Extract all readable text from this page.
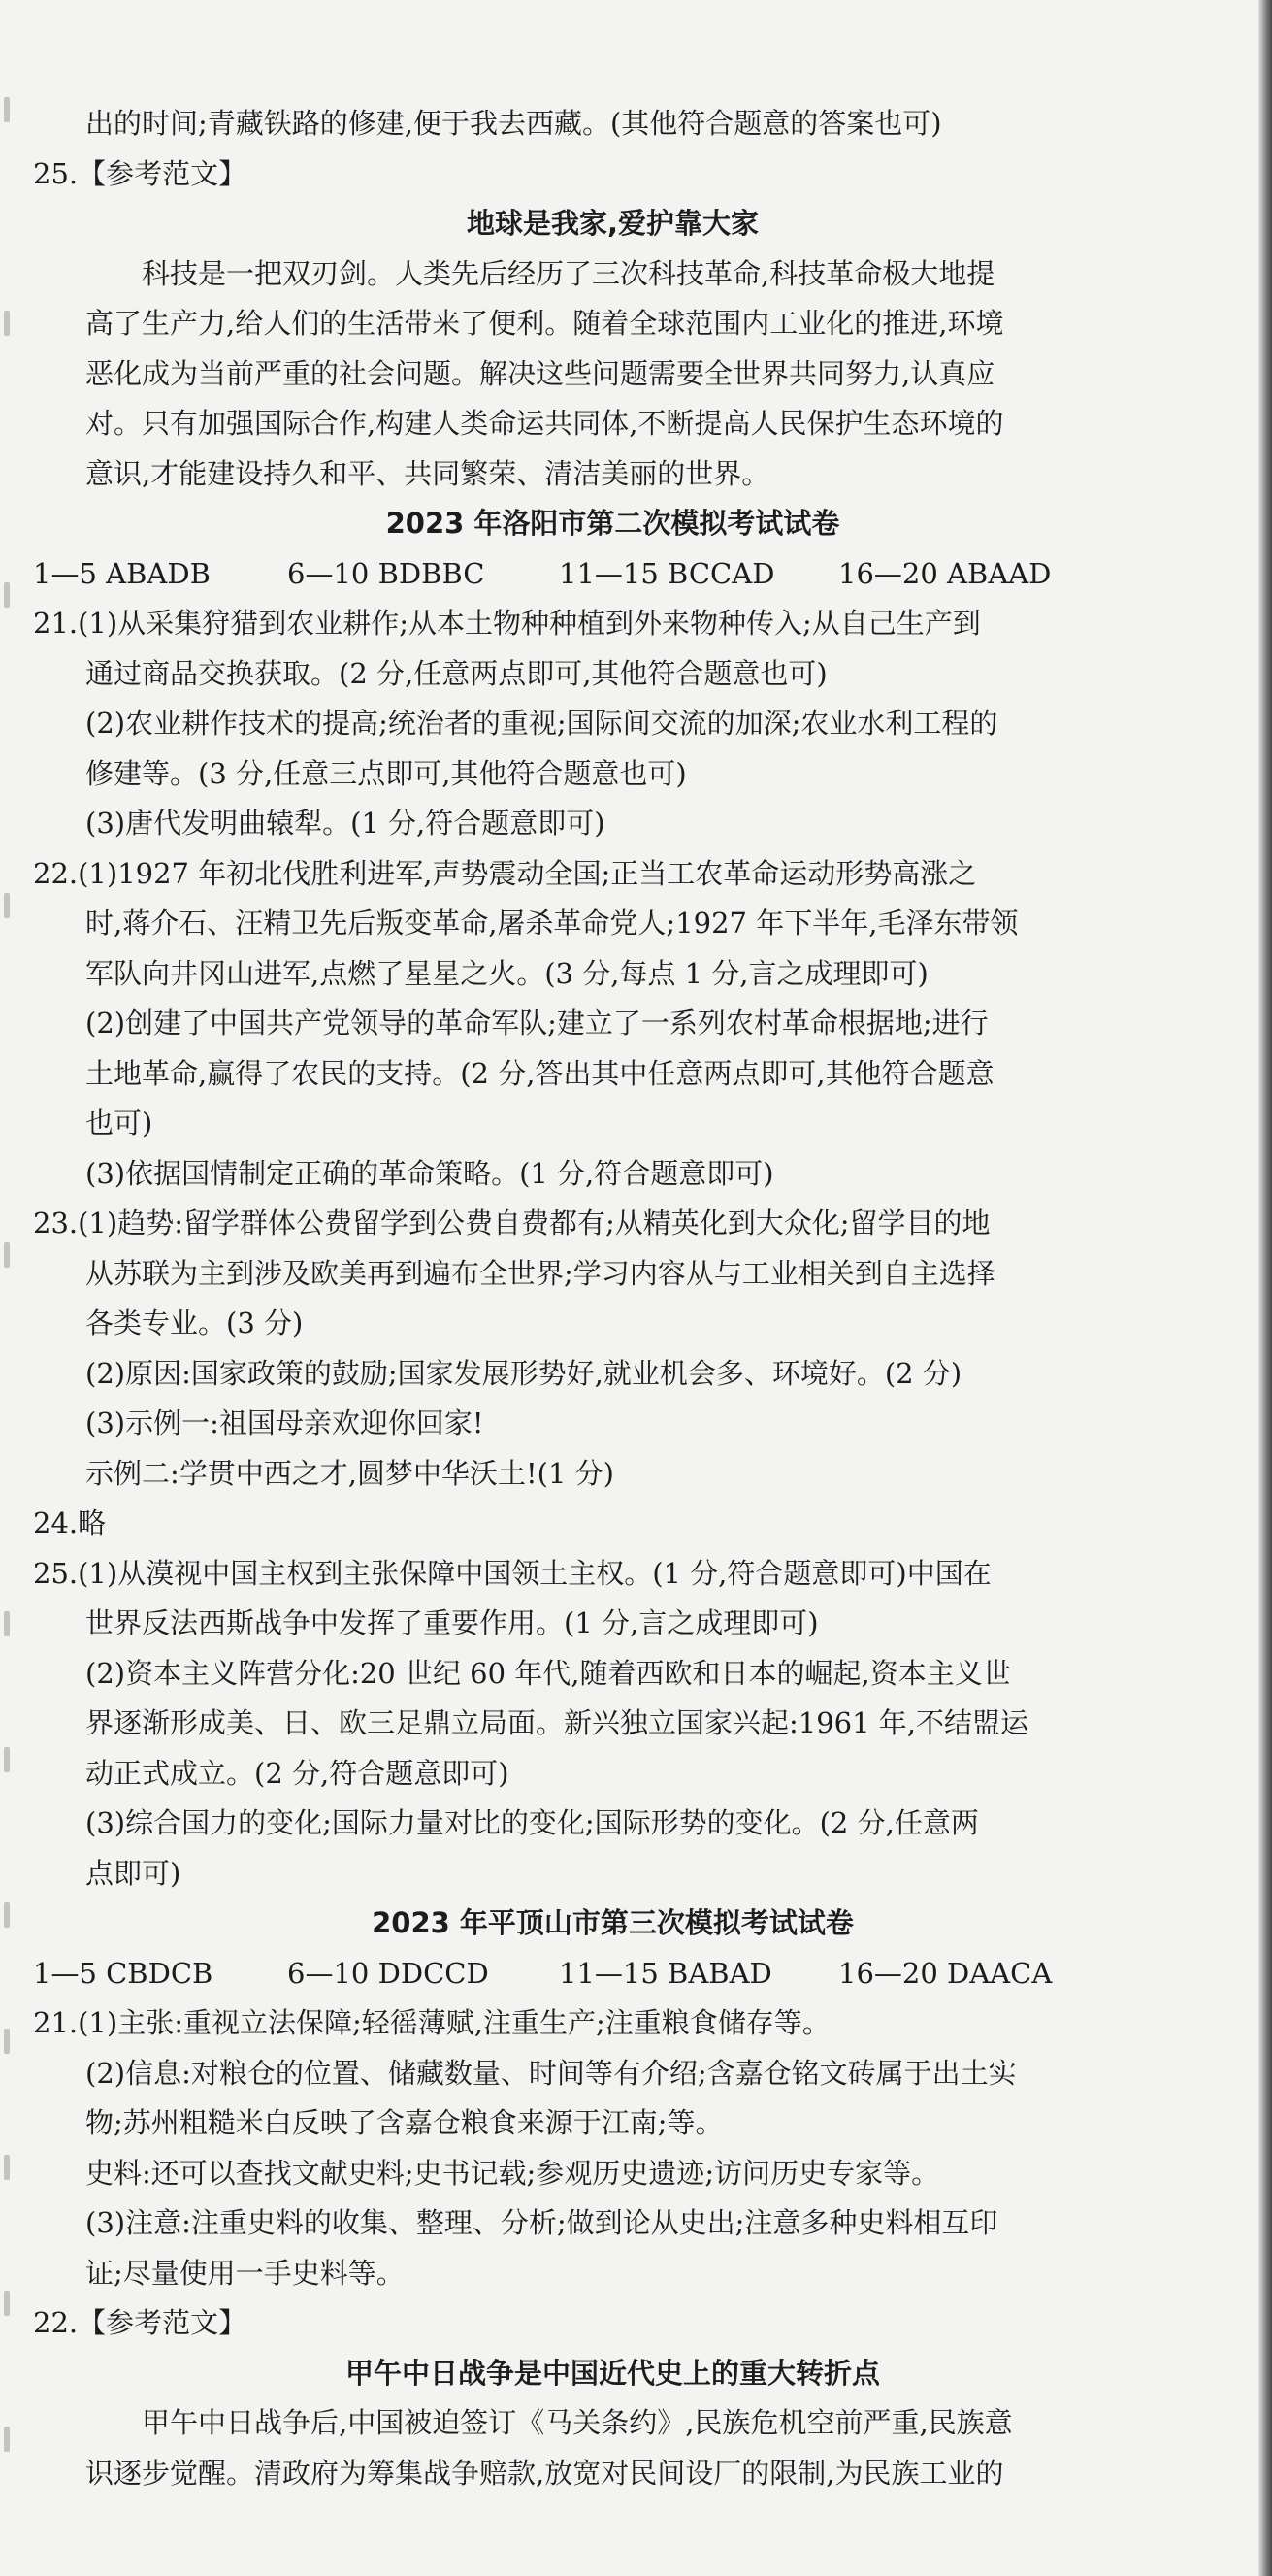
出的时间;青藏铁路的修建,便于我去西藏。(其他符合题意的答案也可)
25.【参考范文】
地球是我家,爱护靠大家
科技是一把双刃剑。人类先后经历了三次科技革命,科技革命极大地提
高了生产力,给人们的生活带来了便利。随着全球范围内工业化的推进,环境
恶化成为当前严重的社会问题。解决这些问题需要全世界共同努力,认真应
对。只有加强国际合作,构建人类命运共同体,不断提高人民保护生态环境的
意识,才能建设持久和平、共同繁荣、清洁美丽的世界。
2023 年洛阳市第二次模拟考试试卷
1—5 ABADB	6—10 BDBBC	11—15 BCCAD	16—20 ABAAD
21.(1)从采集狩猎到农业耕作;从本土物种种植到外来物种传入;从自己生产到
通过商品交换获取。(2 分,任意两点即可,其他符合题意也可)
(2)农业耕作技术的提高;统治者的重视;国际间交流的加深;农业水利工程的
修建等。(3 分,任意三点即可,其他符合题意也可)
(3)唐代发明曲辕犁。(1 分,符合题意即可)
22.(1)1927 年初北伐胜利进军,声势震动全国;正当工农革命运动形势高涨之
时,蒋介石、汪精卫先后叛变革命,屠杀革命党人;1927 年下半年,毛泽东带领
军队向井冈山进军,点燃了星星之火。(3 分,每点 1 分,言之成理即可)
(2)创建了中国共产党领导的革命军队;建立了一系列农村革命根据地;进行
土地革命,赢得了农民的支持。(2 分,答出其中任意两点即可,其他符合题意
也可)
(3)依据国情制定正确的革命策略。(1 分,符合题意即可)
23.(1)趋势:留学群体公费留学到公费自费都有;从精英化到大众化;留学目的地
从苏联为主到涉及欧美再到遍布全世界;学习内容从与工业相关到自主选择
各类专业。(3 分)
(2)原因:国家政策的鼓励;国家发展形势好,就业机会多、环境好。(2 分)
(3)示例一:祖国母亲欢迎你回家!
示例二:学贯中西之才,圆梦中华沃土!(1 分)
24.略
25.(1)从漠视中国主权到主张保障中国领土主权。(1 分,符合题意即可)中国在
世界反法西斯战争中发挥了重要作用。(1 分,言之成理即可)
(2)资本主义阵营分化:20 世纪 60 年代,随着西欧和日本的崛起,资本主义世
界逐渐形成美、日、欧三足鼎立局面。新兴独立国家兴起:1961 年,不结盟运
动正式成立。(2 分,符合题意即可)
(3)综合国力的变化;国际力量对比的变化;国际形势的变化。(2 分,任意两
点即可)
2023 年平顶山市第三次模拟考试试卷
1—5 CBDCB	6—10 DDCCD	11—15 BABAD	16—20 DAACA
21.(1)主张:重视立法保障;轻徭薄赋,注重生产;注重粮食储存等。
(2)信息:对粮仓的位置、储藏数量、时间等有介绍;含嘉仓铭文砖属于出土实
物;苏州粗糙米白反映了含嘉仓粮食来源于江南;等。
史料:还可以查找文献史料;史书记载;参观历史遗迹;访问历史专家等。
(3)注意:注重史料的收集、整理、分析;做到论从史出;注意多种史料相互印
证;尽量使用一手史料等。
22.【参考范文】
甲午中日战争是中国近代史上的重大转折点
甲午中日战争后,中国被迫签订《马关条约》,民族危机空前严重,民族意
识逐步觉醒。清政府为筹集战争赔款,放宽对民间设厂的限制,为民族工业的
